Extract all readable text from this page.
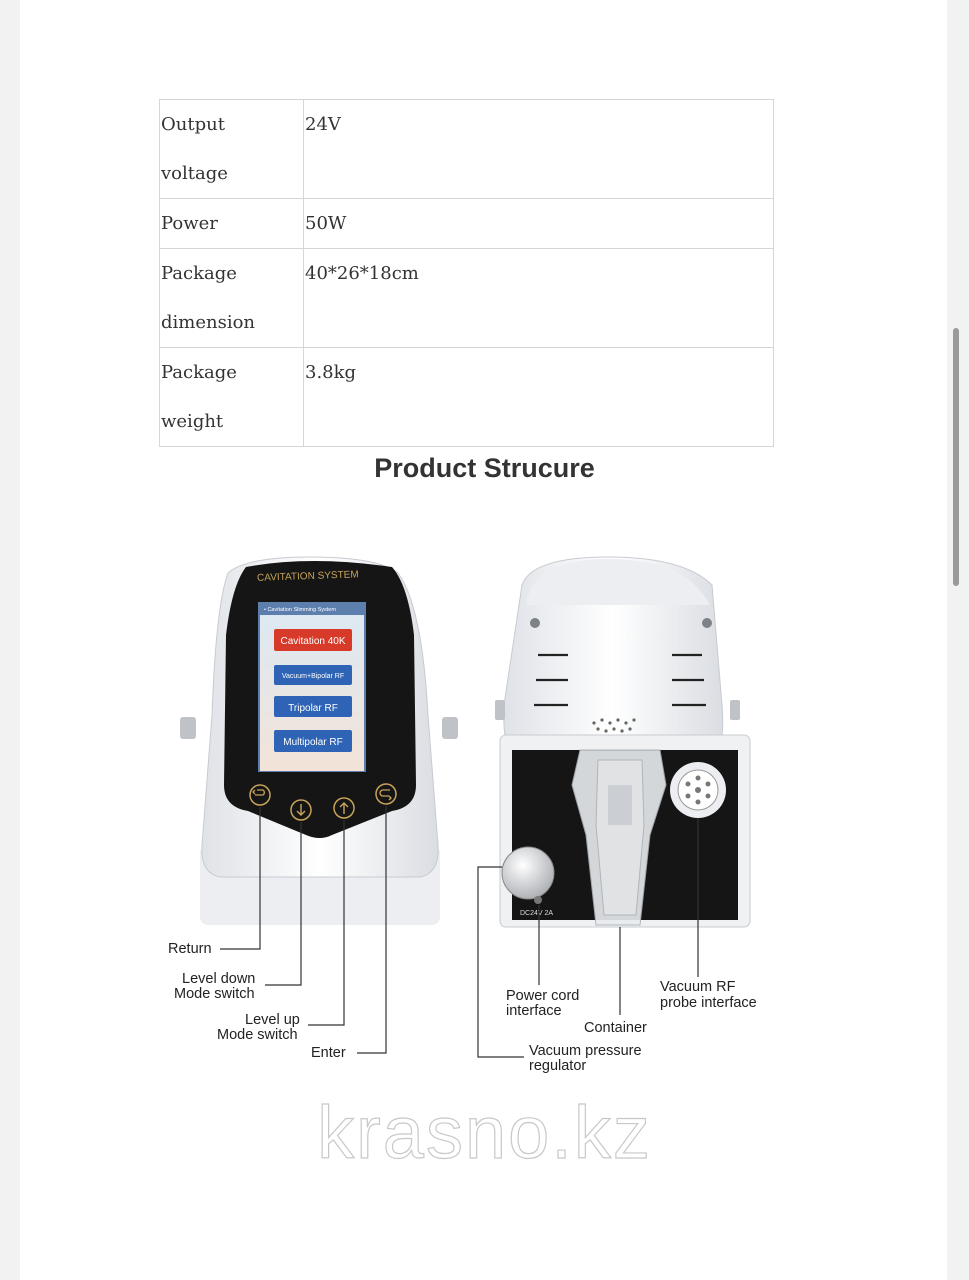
Output
voltage	24V
Power	50W
Package
dimension	40*26*18cm
Package
weight	3.8kg
Product Strucure
CAVITATION SYSTEM
• Cavitation Slimming System
Cavitation 40K
Vacuum+Bipolar RF
Tripolar RF
Multipolar RF
DC24V 2A
Return
Level down
Mode switch
Level up
Mode switch
Enter
Power cord
interface
Container
Vacuum RF
probe interface
Vacuum pressure
regulator
krasno.kz
